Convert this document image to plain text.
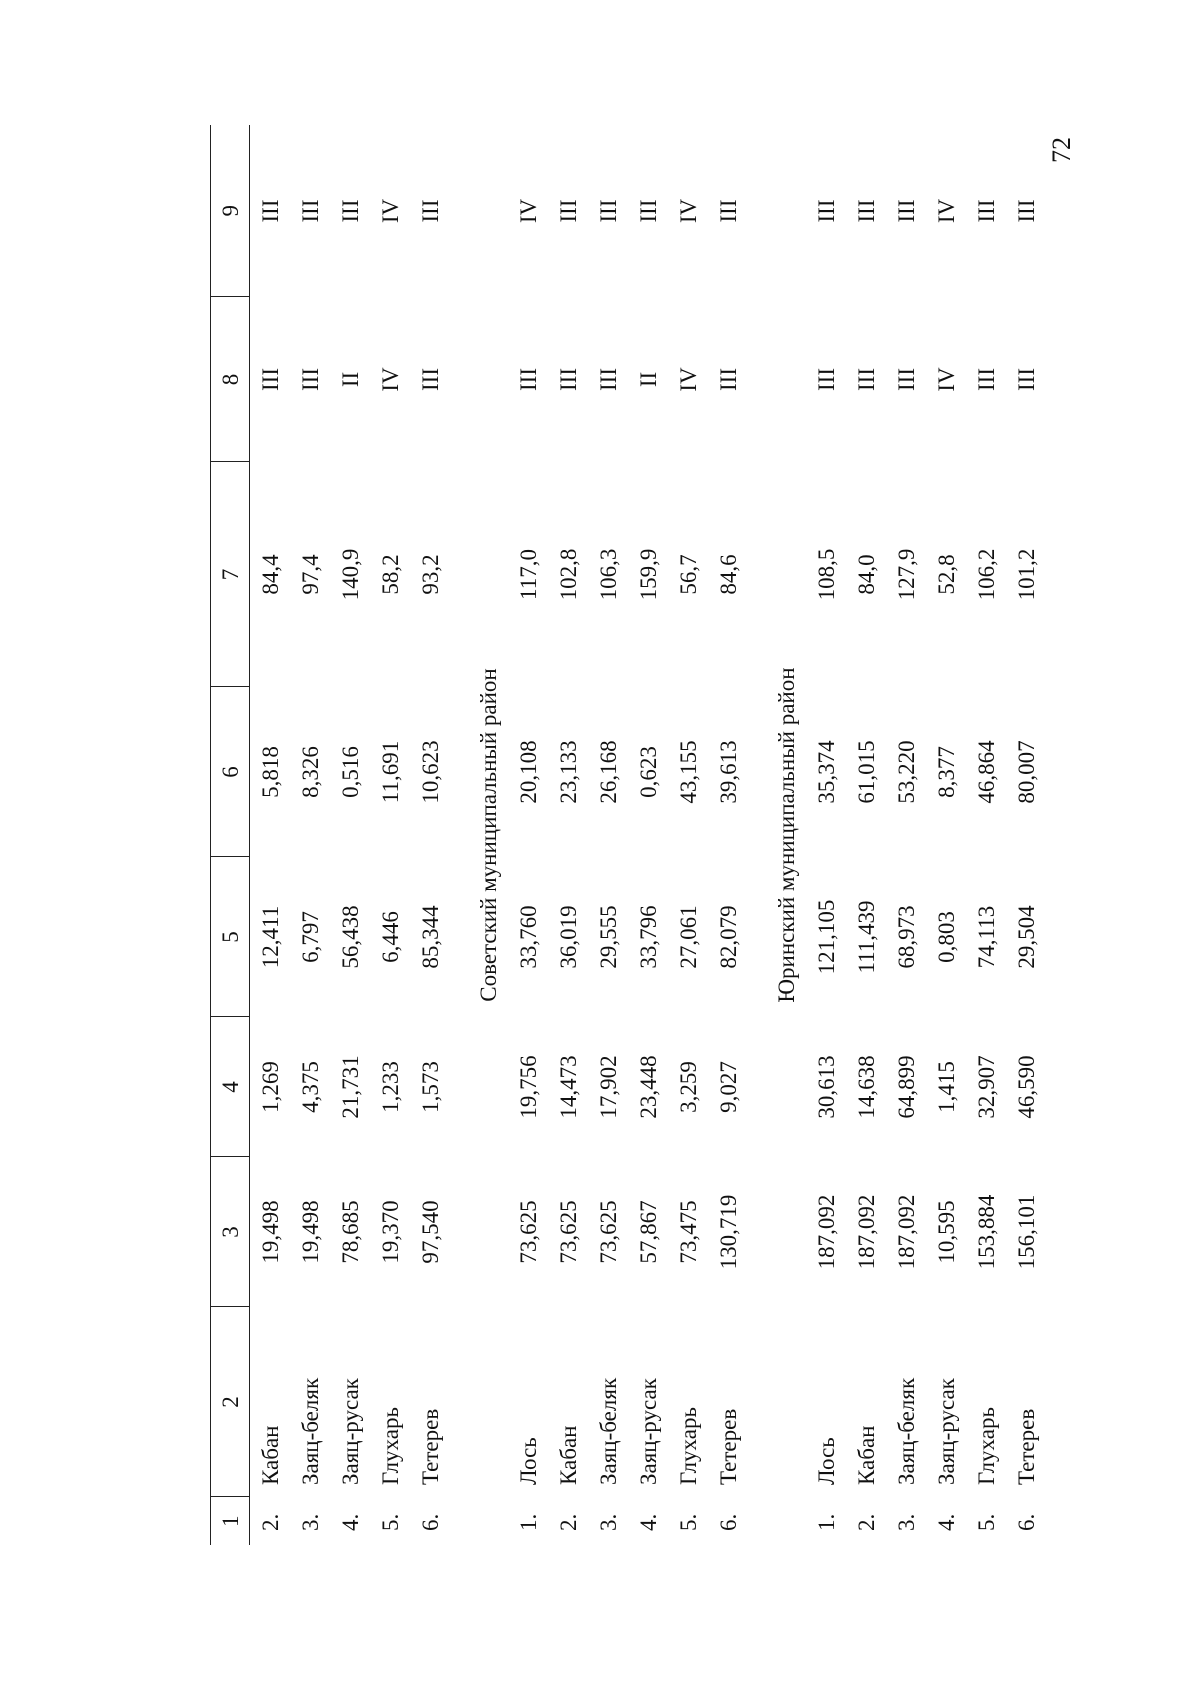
72
1	2	3	4	5	6	7	8	9
2.	Кабан	19,498	1,269	12,411	5,818	84,4	III	III
3.	Заяц-беляк	19,498	4,375	6,797	8,326	97,4	III	III
4.	Заяц-русак	78,685	21,731	56,438	0,516	140,9	II	III
5.	Глухарь	19,370	1,233	6,446	11,691	58,2	IV	IV
6.	Тетерев	97,540	1,573	85,344	10,623	93,2	III	III

Советский муниципальный район								
1.	Лось	73,625	19,756	33,760	20,108	117,0	III	IV
2.	Кабан	73,625	14,473	36,019	23,133	102,8	III	III
3.	Заяц-беляк	73,625	17,902	29,555	26,168	106,3	III	III
4.	Заяц-русак	57,867	23,448	33,796	0,623	159,9	II	III
5.	Глухарь	73,475	3,259	27,061	43,155	56,7	IV	IV
6.	Тетерев	130,719	9,027	82,079	39,613	84,6	III	III

Юринский муниципальный район								
1.	Лось	187,092	30,613	121,105	35,374	108,5	III	III
2.	Кабан	187,092	14,638	111,439	61,015	84,0	III	III
3.	Заяц-беляк	187,092	64,899	68,973	53,220	127,9	III	III
4.	Заяц-русак	10,595	1,415	0,803	8,377	52,8	IV	IV
5.	Глухарь	153,884	32,907	74,113	46,864	106,2	III	III
6.	Тетерев	156,101	46,590	29,504	80,007	101,2	III	III
